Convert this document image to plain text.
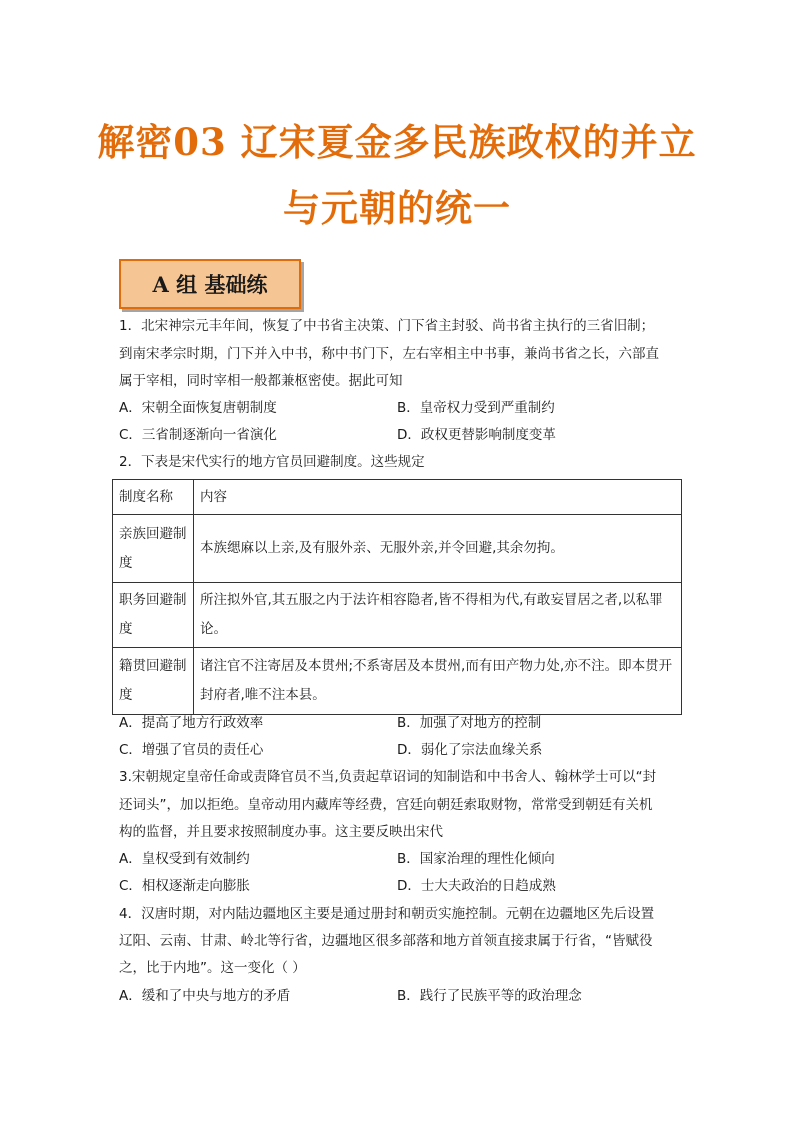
解密03 辽宋夏金多民族政权的并立
与元朝的统一
A 组 基础练
1．北宋神宗元丰年间，恢复了中书省主决策、门下省主封驳、尚书省主执行的三省旧制；
到南宋孝宗时期，门下并入中书，称中书门下，左右宰相主中书事，兼尚书省之长，六部直
属于宰相，同时宰相一般都兼枢密使。据此可知
A．宋朝全面恢复唐朝制度	B．皇帝权力受到严重制约
C．三省制逐渐向一省演化	D．政权更替影响制度变革
2．下表是宋代实行的地方官员回避制度。这些规定
制度名称	内容

亲族回避制度	本族缌麻以上亲,及有服外亲、无服外亲,并令回避,其余勿拘。

职务回避制度	所注拟外官,其五服之内于法许相容隐者,皆不得相为代,有敢妄冒居之者,以私罪论。

籍贯回避制度	诸注官不注寄居及本贯州;不系寄居及本贯州,而有田产物力处,亦不注。即本贯开封府者,唯不注本县。
A．提高了地方行政效率	B．加强了对地方的控制
C．增强了官员的责任心	D．弱化了宗法血缘关系
3.宋朝规定皇帝任命或责降官员不当,负责起草诏词的知制诰和中书舍人、翰林学士可以“封
还词头”，加以拒绝。皇帝动用内藏库等经费，宫廷向朝廷索取财物，常常受到朝廷有关机
构的监督，并且要求按照制度办事。这主要反映出宋代
A．皇权受到有效制约	B．国家治理的理性化倾向
C．相权逐渐走向膨胀	D．士大夫政治的日趋成熟
4．汉唐时期，对内陆边疆地区主要是通过册封和朝贡实施控制。元朝在边疆地区先后设置
辽阳、云南、甘肃、岭北等行省，边疆地区很多部落和地方首领直接隶属于行省，“皆赋役
之，比于内地”。这一变化（ ）
A．缓和了中央与地方的矛盾	B．践行了民族平等的政治理念
